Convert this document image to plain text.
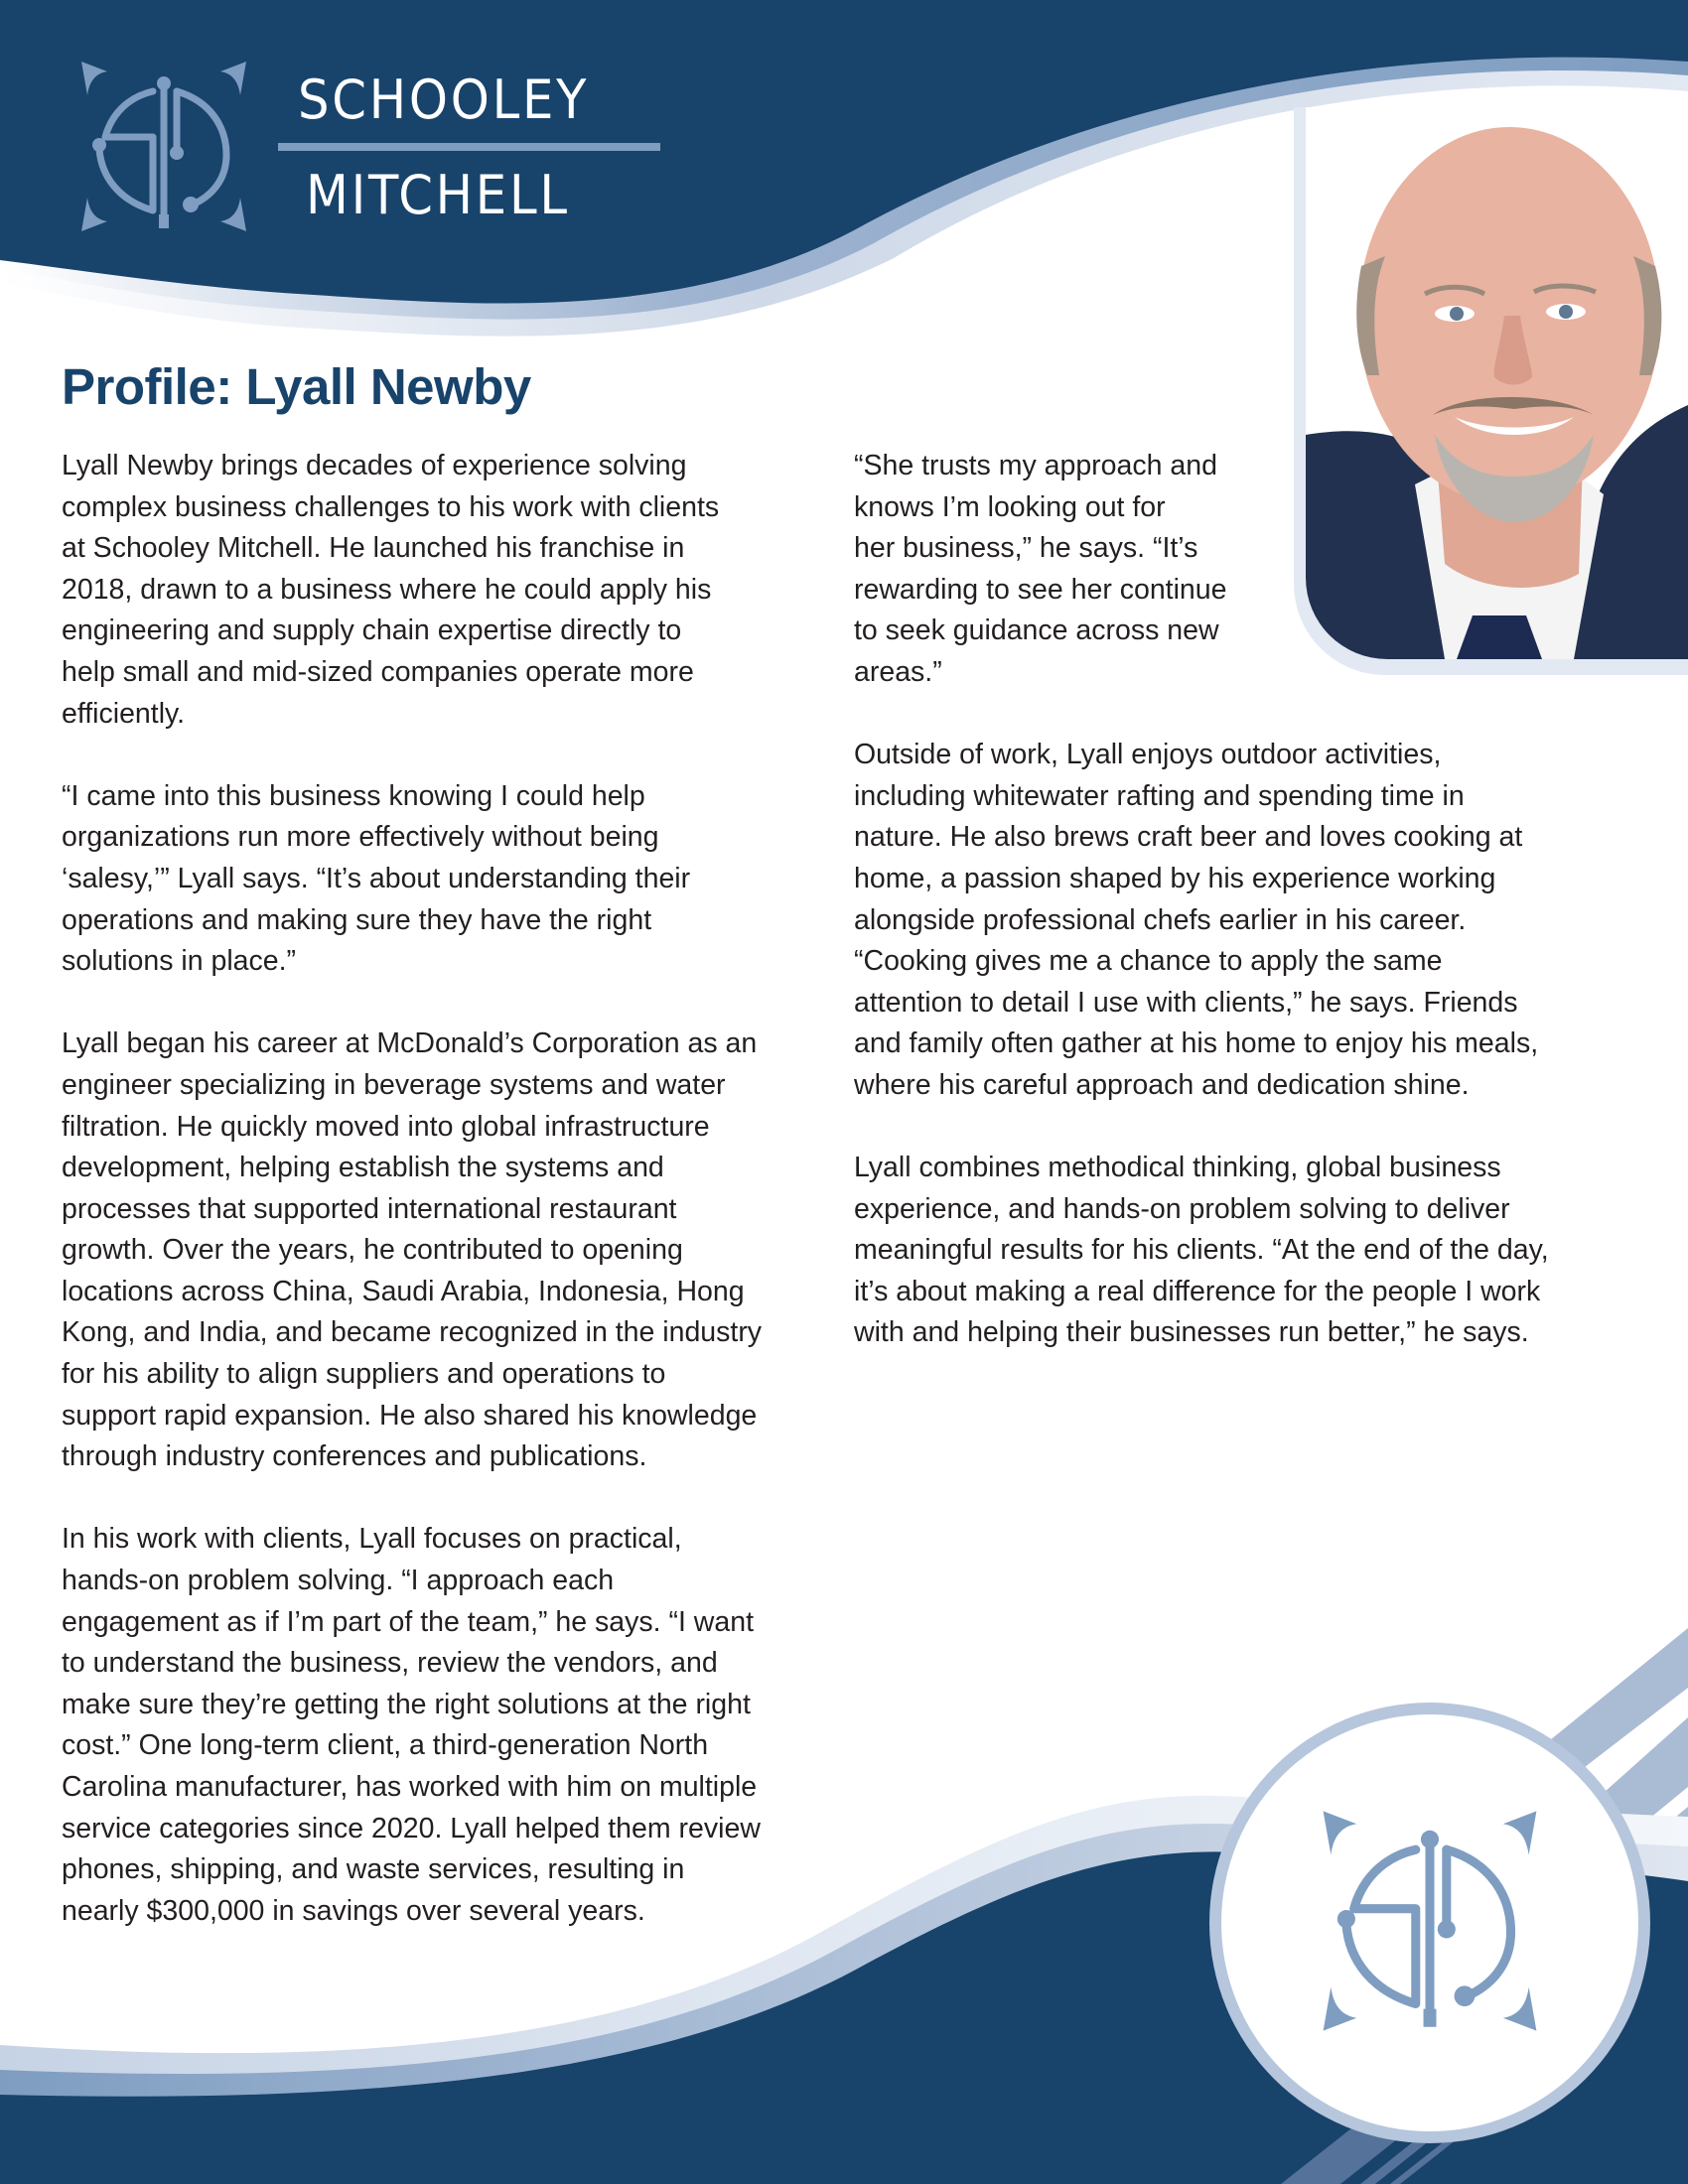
SCHOOLEY
MITCHELL
Profile: Lyall Newby

Lyall Newby brings decades of experience solving
complex business challenges to his work with clients
at Schooley Mitchell. He launched his franchise in
2018, drawn to a business where he could apply his
engineering and supply chain expertise directly to
help small and mid-sized companies operate more
efficiently.

“I came into this business knowing I could help
organizations run more effectively without being
‘salesy,’” Lyall says. “It’s about understanding their
operations and making sure they have the right
solutions in place.”

Lyall began his career at McDonald’s Corporation as an
engineer specializing in beverage systems and water
filtration. He quickly moved into global infrastructure
development, helping establish the systems and
processes that supported international restaurant
growth. Over the years, he contributed to opening
locations across China, Saudi Arabia, Indonesia, Hong
Kong, and India, and became recognized in the industry
for his ability to align suppliers and operations to
support rapid expansion. He also shared his knowledge
through industry conferences and publications.

In his work with clients, Lyall focuses on practical,
hands-on problem solving. “I approach each
engagement as if I’m part of the team,” he says. “I want
to understand the business, review the vendors, and
make sure they’re getting the right solutions at the right
cost.” One long-term client, a third-generation North
Carolina manufacturer, has worked with him on multiple
service categories since 2020. Lyall helped them review
phones, shipping, and waste services, resulting in
nearly $300,000 in savings over several years.

“She trusts my approach and
knows I’m looking out for
her business,” he says. “It’s
rewarding to see her continue
to seek guidance across new
areas.”

Outside of work, Lyall enjoys outdoor activities,
including whitewater rafting and spending time in
nature. He also brews craft beer and loves cooking at
home, a passion shaped by his experience working
alongside professional chefs earlier in his career.
“Cooking gives me a chance to apply the same
attention to detail I use with clients,” he says. Friends
and family often gather at his home to enjoy his meals,
where his careful approach and dedication shine.

Lyall combines methodical thinking, global business
experience, and hands-on problem solving to deliver
meaningful results for his clients. “At the end of the day,
it’s about making a real difference for the people I work
with and helping their businesses run better,” he says.
